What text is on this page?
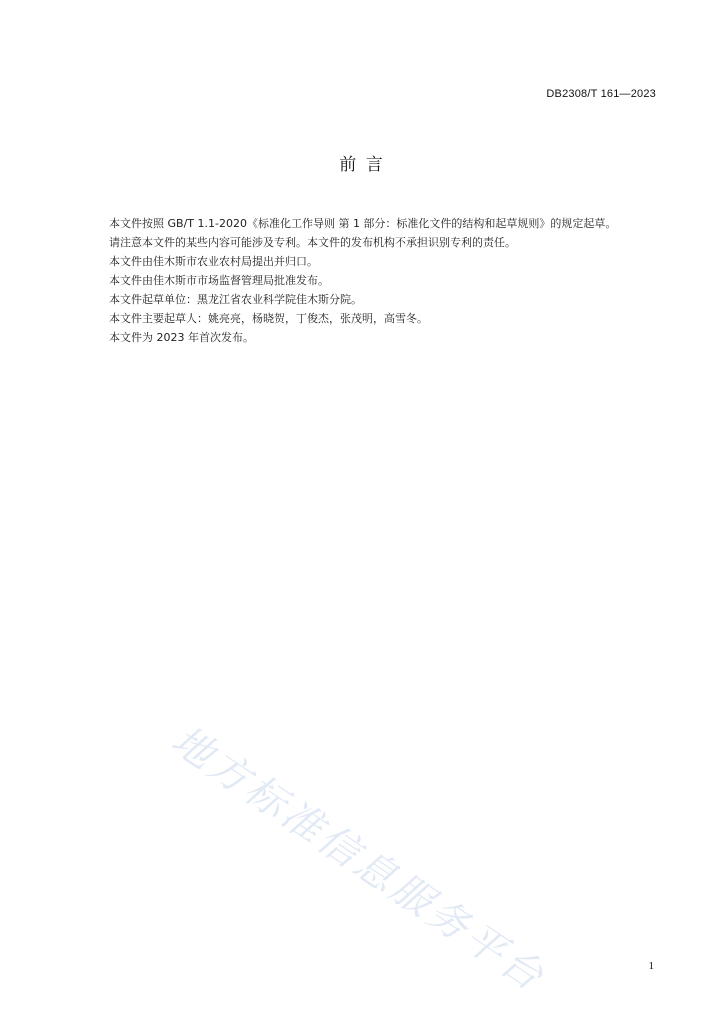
DB2308/T 161—2023
前 言

本文件按照 GB/T 1.1-2020《标准化工作导则 第 1 部分：标准化文件的结构和起草规则》的规定起草。

请注意本文件的某些内容可能涉及专利。本文件的发布机构不承担识别专利的责任。

本文件由佳木斯市农业农村局提出并归口。

本文件由佳木斯市市场监督管理局批准发布。

本文件起草单位：黑龙江省农业科学院佳木斯分院。

本文件主要起草人：姚亮亮，杨晓贺，丁俊杰，张茂明，高雪冬。

本文件为 2023 年首次发布。

地方标准信息服务平台	1
